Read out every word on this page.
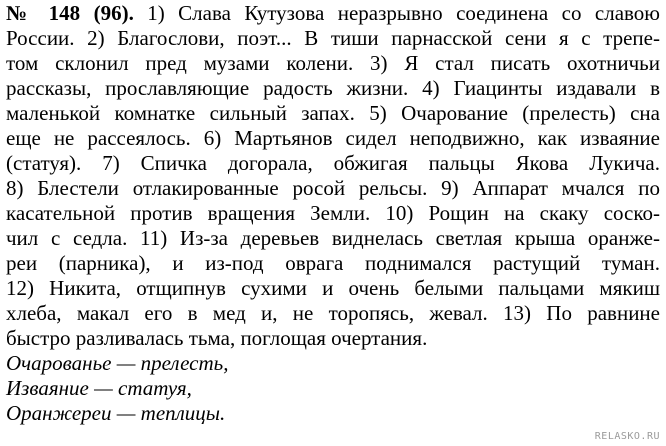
№ 148 (96). 1) Слава Кутузова неразрывно соединена со славою
России. 2) Благослови, поэт... В тиши парнасской сени я с трепе-
том склонил пред музами колени. 3) Я стал писать охотничьи
рассказы, прославляющие радость жизни. 4) Гиацинты издавали в
маленькой комнатке сильный запах. 5) Очарование (прелесть) сна
еще не рассеялось. 6) Мартьянов сидел неподвижно, как изваяние
(статуя). 7) Спичка догорала, обжигая пальцы Якова Лукича.
8) Блестели отлакированные росой рельсы. 9) Аппарат мчался по
касательной против вращения Земли. 10) Рощин на скаку соско-
чил с седла. 11) Из-за деревьев виднелась светлая крыша оранже-
реи (парника), и из-под оврага поднимался растущий туман.
12) Никита, отщипнув сухими и очень белыми пальцами мякиш
хлеба, макал его в мед и, не торопясь, жевал. 13) По равнине
быстро разливалась тьма, поглощая очертания.
Очарованье — прелесть,
Изваяние — статуя,
Оранжереи — теплицы.
RELASKO.RU
